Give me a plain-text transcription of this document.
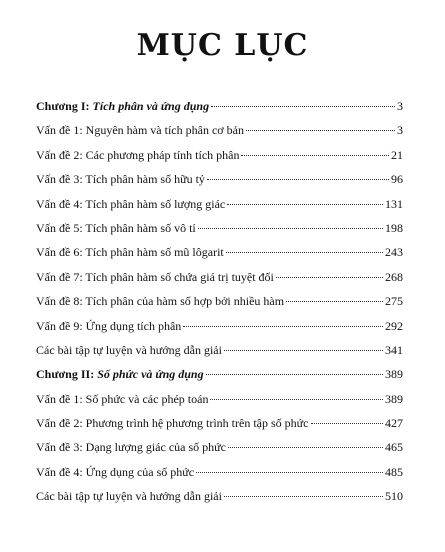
MỤC LỤC
Chương I: Tích phân và ứng dụng	3
Vấn đề 1: Nguyên hàm và tích phân cơ bản	3
Vấn đề 2: Các phương pháp tính tích phân	21
Vấn đề 3: Tích phân hàm số hữu tỷ	96
Vấn đề 4: Tích phân hàm số lượng giác	131
Vấn đề 5: Tích phân hàm số vô tỉ	198
Vấn đề 6: Tích phân hàm số mũ lôgarit	243
Vấn đề 7: Tích phân hàm số chứa giá trị tuyệt đối	268
Vấn đề 8: Tích phân của hàm số hợp bởi nhiều hàm	275
Vấn đề 9: Ứng dụng tích phân	292
Các bài tập tự luyện và hướng dẫn giải	341
Chương II: Số phức và ứng dụng	389
Vấn đề 1: Số phức và các phép toán	389
Vấn đề 2: Phương trình hệ phương trình trên tập số phức	427
Vấn đề 3: Dạng lượng giác của số phức	465
Vấn đề 4: Ứng dụng của số phức	485
Các bài tập tự luyện và hướng dẫn giải	510
